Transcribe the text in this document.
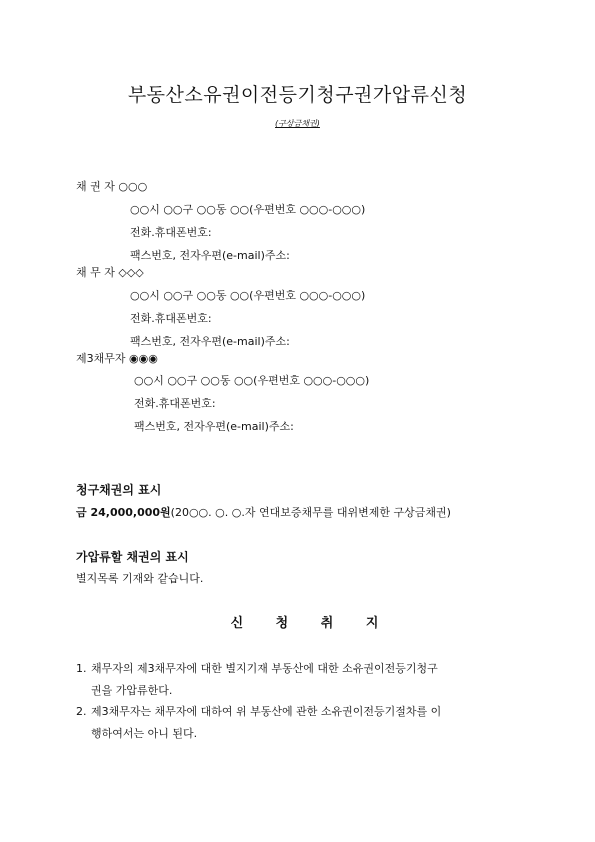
부동산소유권이전등기청구권가압류신청
(구상금채권)
채 권 자 ○○○
○○시 ○○구 ○○동 ○○(우편번호 ○○○-○○○)
전화.휴대폰번호:
팩스번호, 전자우편(e-mail)주소:
채 무 자 ◇◇◇
○○시 ○○구 ○○동 ○○(우편번호 ○○○-○○○)
전화.휴대폰번호:
팩스번호, 전자우편(e-mail)주소:
제3채무자 ◉◉◉
○○시 ○○구 ○○동 ○○(우편번호 ○○○-○○○)
전화.휴대폰번호:
팩스번호, 전자우편(e-mail)주소:
청구채권의 표시
금 24,000,000원(20○○. ○. ○.자 연대보증채무를 대위변제한 구상금채권)
가압류할 채권의 표시
별지목록 기재와 같습니다.
신 청 취 지
1. 채무자의 제3채무자에 대한 별지기재 부동산에 대한 소유권이전등기청구
권을 가압류한다.
2. 제3채무자는 채무자에 대하여 위 부동산에 관한 소유권이전등기절차를 이
행하여서는 아니 된다.
